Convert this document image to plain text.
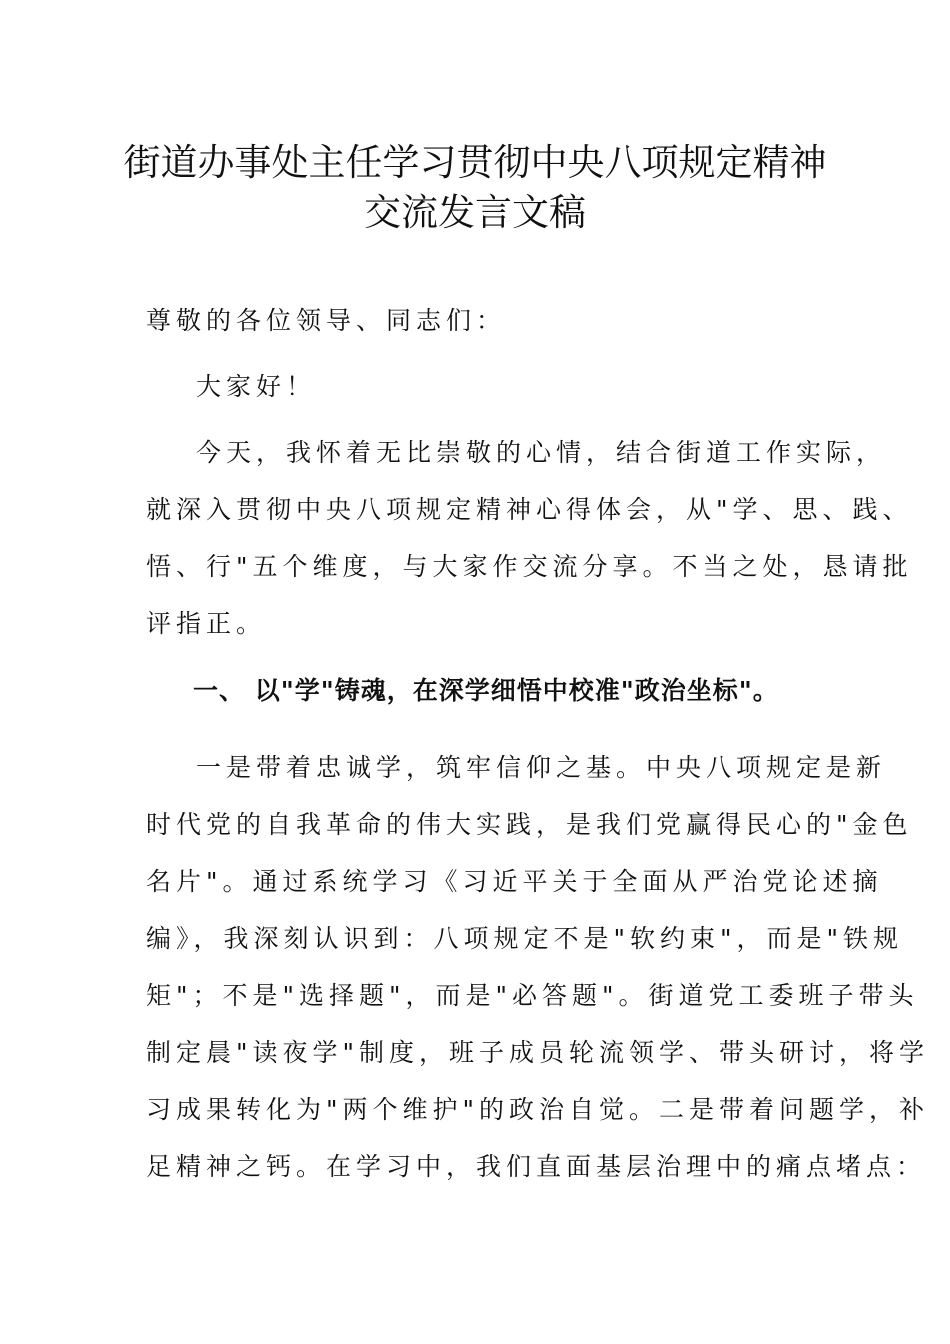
街道办事处主任学习贯彻中央八项规定精神
交流发言文稿
尊敬的各位领导、同志们：
大家好！
今天，我怀着无比崇敬的心情，结合街道工作实际，
就深入贯彻中央八项规定精神心得体会，从"学、思、践、
悟、行"五个维度，与大家作交流分享。不当之处，恳请批
评指正。
一、 以"学"铸魂，在深学细悟中校准"政治坐标"。
一是带着忠诚学，筑牢信仰之基。中央八项规定是新
时代党的自我革命的伟大实践，是我们党赢得民心的"金色
名片"。通过系统学习《习近平关于全面从严治党论述摘
编》，我深刻认识到：八项规定不是"软约束"，而是"铁规
矩"；不是"选择题"，而是"必答题"。街道党工委班子带头
制定晨"读夜学"制度，班子成员轮流领学、带头研讨，将学
习成果转化为"两个维护"的政治自觉。二是带着问题学，补
足精神之钙。在学习中，我们直面基层治理中的痛点堵点：
